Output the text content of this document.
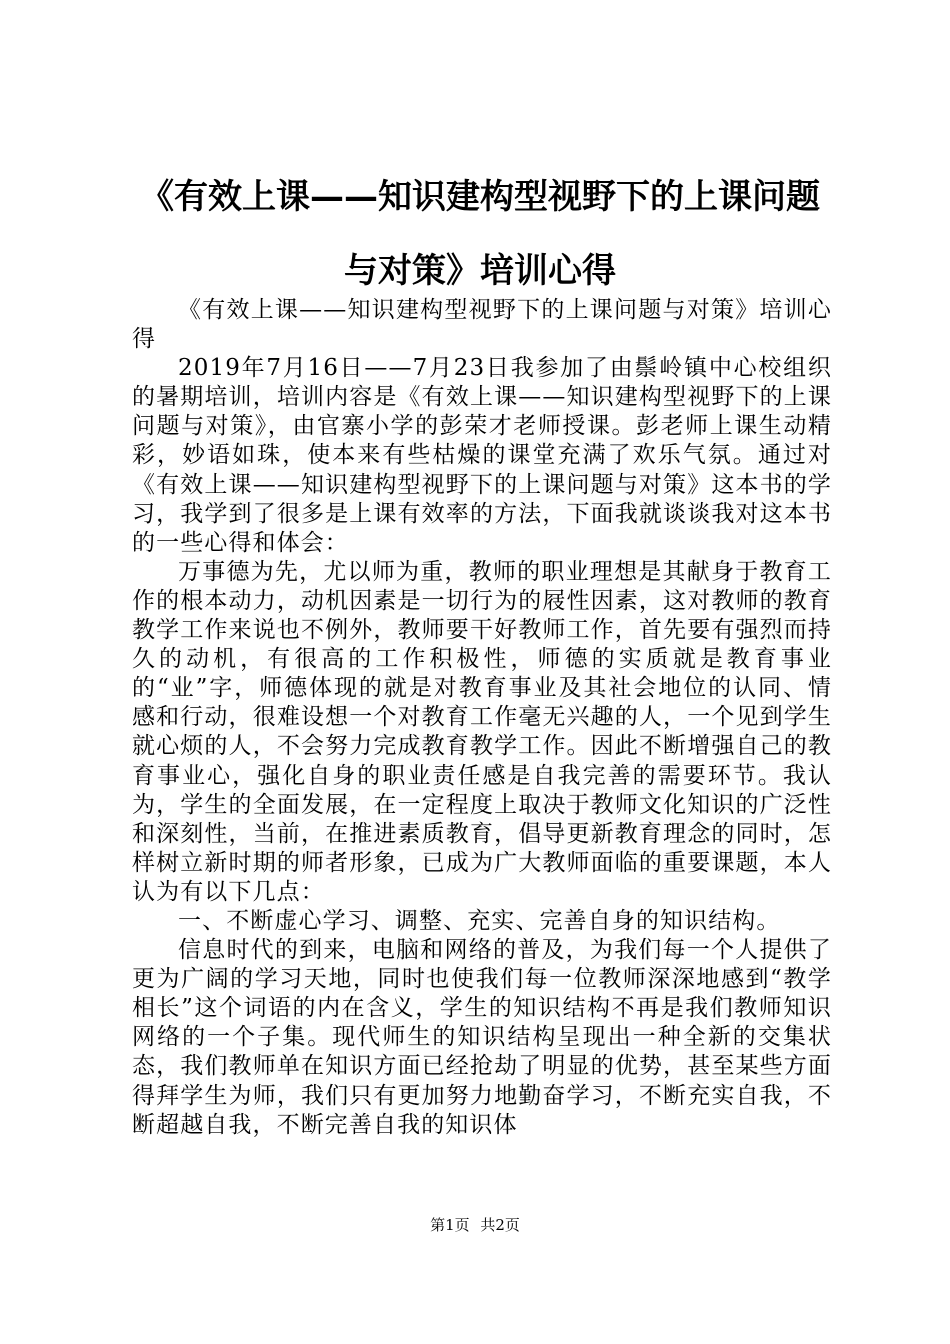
《有效上课——知识建构型视野下的上课问题与对策》培训心得

《有效上课——知识建构型视野下的上课问题与对策》培训心得

2019年7月16日——7月23日我参加了由鬃岭镇中心校组织的暑期培训，培训内容是《有效上课——知识建构型视野下的上课问题与对策》，由官寨小学的彭荣才老师授课。彭老师上课生动精彩，妙语如珠，使本来有些枯燥的课堂充满了欢乐气氛。通过对《有效上课——知识建构型视野下的上课问题与对策》这本书的学习，我学到了很多是上课有效率的方法，下面我就谈谈我对这本书的一些心得和体会：

万事德为先，尤以师为重，教师的职业理想是其献身于教育工作的根本动力，动机因素是一切行为的屐性因素，这对教师的教育教学工作来说也不例外，教师要干好教师工作，首先要有强烈而持久的动机，有很高的工作积极性，师德的实质就是教育事业的“业”字，师德体现的就是对教育事业及其社会地位的认同、情感和行动，很难设想一个对教育工作毫无兴趣的人，一个见到学生就心烦的人，不会努力完成教育教学工作。因此不断增强自己的教育事业心，强化自身的职业责任感是自我完善的需要环节。我认为，学生的全面发展，在一定程度上取决于教师文化知识的广泛性和深刻性，当前，在推进素质教育，倡导更新教育理念的同时，怎样树立新时期的师者形象，已成为广大教师面临的重要课题，本人认为有以下几点：

一、不断虚心学习、调整、充实、完善自身的知识结构。

信息时代的到来，电脑和网络的普及，为我们每一个人提供了更为广阔的学习天地，同时也使我们每一位教师深深地感到“教学相长”这个词语的内在含义，学生的知识结构不再是我们教师知识网络的一个子集。现代师生的知识结构呈现出一种全新的交集状态，我们教师单在知识方面已经抢劫了明显的优势，甚至某些方面得拜学生为师，我们只有更加努力地勤奋学习，不断充实自我，不断超越自我，不断完善自我的知识体

第1页 共2页
